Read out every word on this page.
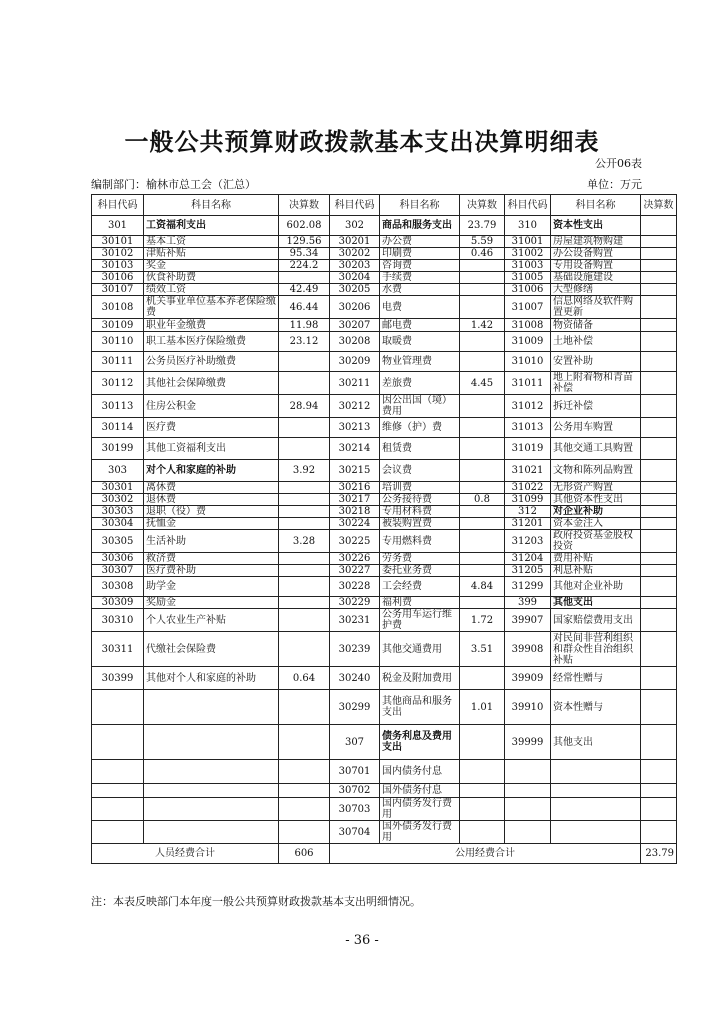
一般公共预算财政拨款基本支出决算明细表
公开06表
编制部门：榆林市总工会（汇总）	单位：万元
科目代码	科目名称	决算数	科目代码	科目名称	决算数	科目代码	科目名称	决算数
301	工资福利支出	602.08	302	商品和服务支出	23.79	310	资本性支出	
30101	基本工资	129.56	30201	办公费	5.59	31001	房屋建筑物购建	
30102	津贴补贴	95.34	30202	印刷费	0.46	31002	办公设备购置	
30103	奖金	224.2	30203	咨询费		31003	专用设备购置	
30106	伙食补助费		30204	手续费		31005	基础设施建设	
30107	绩效工资	42.49	30205	水费		31006	大型修缮	
30108	机关事业单位基本养老保险缴费	46.44	30206	电费		31007	信息网络及软件购置更新	
30109	职业年金缴费	11.98	30207	邮电费	1.42	31008	物资储备	
30110	职工基本医疗保险缴费	23.12	30208	取暖费		31009	土地补偿	
30111	公务员医疗补助缴费		30209	物业管理费		31010	安置补助	
30112	其他社会保障缴费		30211	差旅费	4.45	31011	地上附着物和青苗补偿	
30113	住房公积金	28.94	30212	因公出国（境）费用		31012	拆迁补偿	
30114	医疗费		30213	维修（护）费		31013	公务用车购置	
30199	其他工资福利支出		30214	租赁费		31019	其他交通工具购置	
303	对个人和家庭的补助	3.92	30215	会议费		31021	文物和陈列品购置	
30301	离休费		30216	培训费		31022	无形资产购置	
30302	退休费		30217	公务接待费	0.8	31099	其他资本性支出	
30303	退职（役）费		30218	专用材料费		312	对企业补助	
30304	抚恤金		30224	被装购置费		31201	资本金注入	
30305	生活补助	3.28	30225	专用燃料费		31203	政府投资基金股权投资	
30306	救济费		30226	劳务费		31204	费用补贴	
30307	医疗费补助		30227	委托业务费		31205	利息补贴	
30308	助学金		30228	工会经费	4.84	31299	其他对企业补助	
30309	奖励金		30229	福利费		399	其他支出	
30310	个人农业生产补贴		30231	公务用车运行维护费	1.72	39907	国家赔偿费用支出	
30311	代缴社会保险费		30239	其他交通费用	3.51	39908	对民间非营利组织和群众性自治组织补贴	
30399	其他对个人和家庭的补助	0.64	30240	税金及附加费用		39909	经常性赠与	
			30299	其他商品和服务支出	1.01	39910	资本性赠与	
			307	债务利息及费用支出		39999	其他支出	
			30701	国内债务付息				
			30702	国外债务付息				
			30703	国内债务发行费用				
			30704	国外债务发行费用				
人员经费合计		606	公用经费合计					23.79
注：本表反映部门本年度一般公共预算财政拨款基本支出明细情况。
- 36 -
